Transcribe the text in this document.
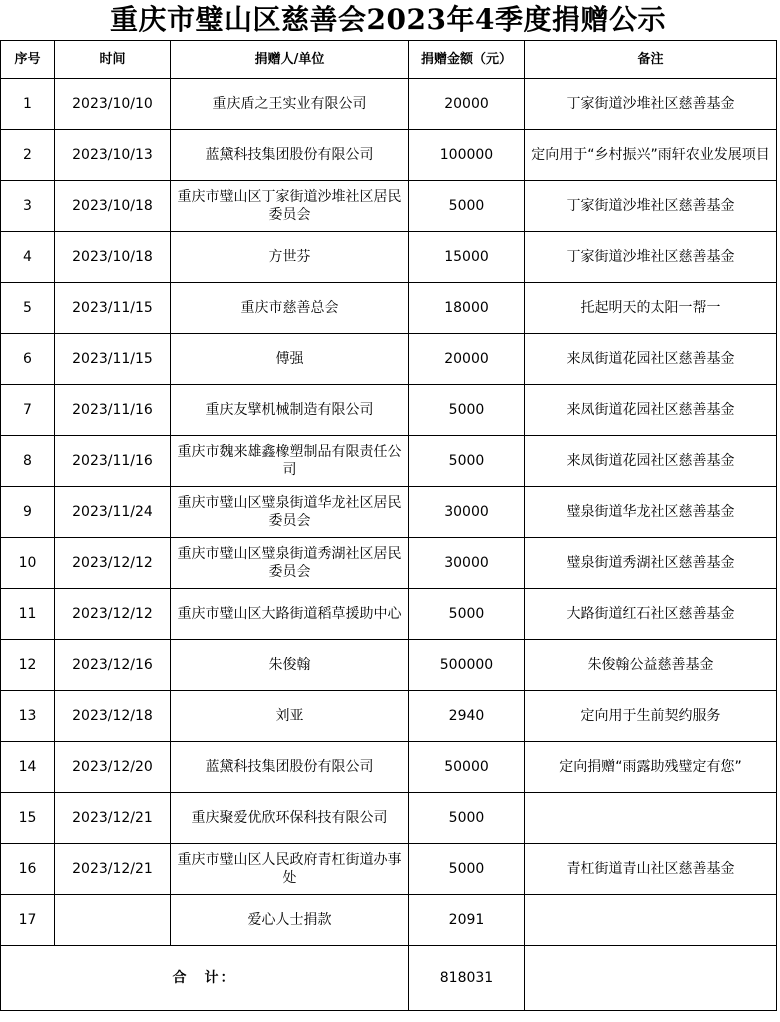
重庆市璧山区慈善会2023年4季度捐赠公示
序号	时间	捐赠人/单位	捐赠金额（元）	备注
1	2023/10/10	重庆盾之王实业有限公司	20000	丁家街道沙堆社区慈善基金
2	2023/10/13	蓝黛科技集团股份有限公司	100000	定向用于“乡村振兴”雨轩农业发展项目
3	2023/10/18	重庆市璧山区丁家街道沙堆社区居民委员会	5000	丁家街道沙堆社区慈善基金
4	2023/10/18	方世芬	15000	丁家街道沙堆社区慈善基金
5	2023/11/15	重庆市慈善总会	18000	托起明天的太阳一帮一
6	2023/11/15	傅强	20000	来凤街道花园社区慈善基金
7	2023/11/16	重庆友擘机械制造有限公司	5000	来凤街道花园社区慈善基金
8	2023/11/16	重庆市魏来雄鑫橡塑制品有限责任公司	5000	来凤街道花园社区慈善基金
9	2023/11/24	重庆市璧山区璧泉街道华龙社区居民委员会	30000	璧泉街道华龙社区慈善基金
10	2023/12/12	重庆市璧山区璧泉街道秀湖社区居民委员会	30000	璧泉街道秀湖社区慈善基金
11	2023/12/12	重庆市璧山区大路街道稻草援助中心	5000	大路街道红石社区慈善基金
12	2023/12/16	朱俊翰	500000	朱俊翰公益慈善基金
13	2023/12/18	刘亚	2940	定向用于生前契约服务
14	2023/12/20	蓝黛科技集团股份有限公司	50000	定向捐赠“雨露助残璧定有您”
15	2023/12/21	重庆聚爱优欣环保科技有限公司	5000	
16	2023/12/21	重庆市璧山区人民政府青杠街道办事处	5000	青杠街道青山社区慈善基金
17		爱心人士捐款	2091	
合　计：			818031	
